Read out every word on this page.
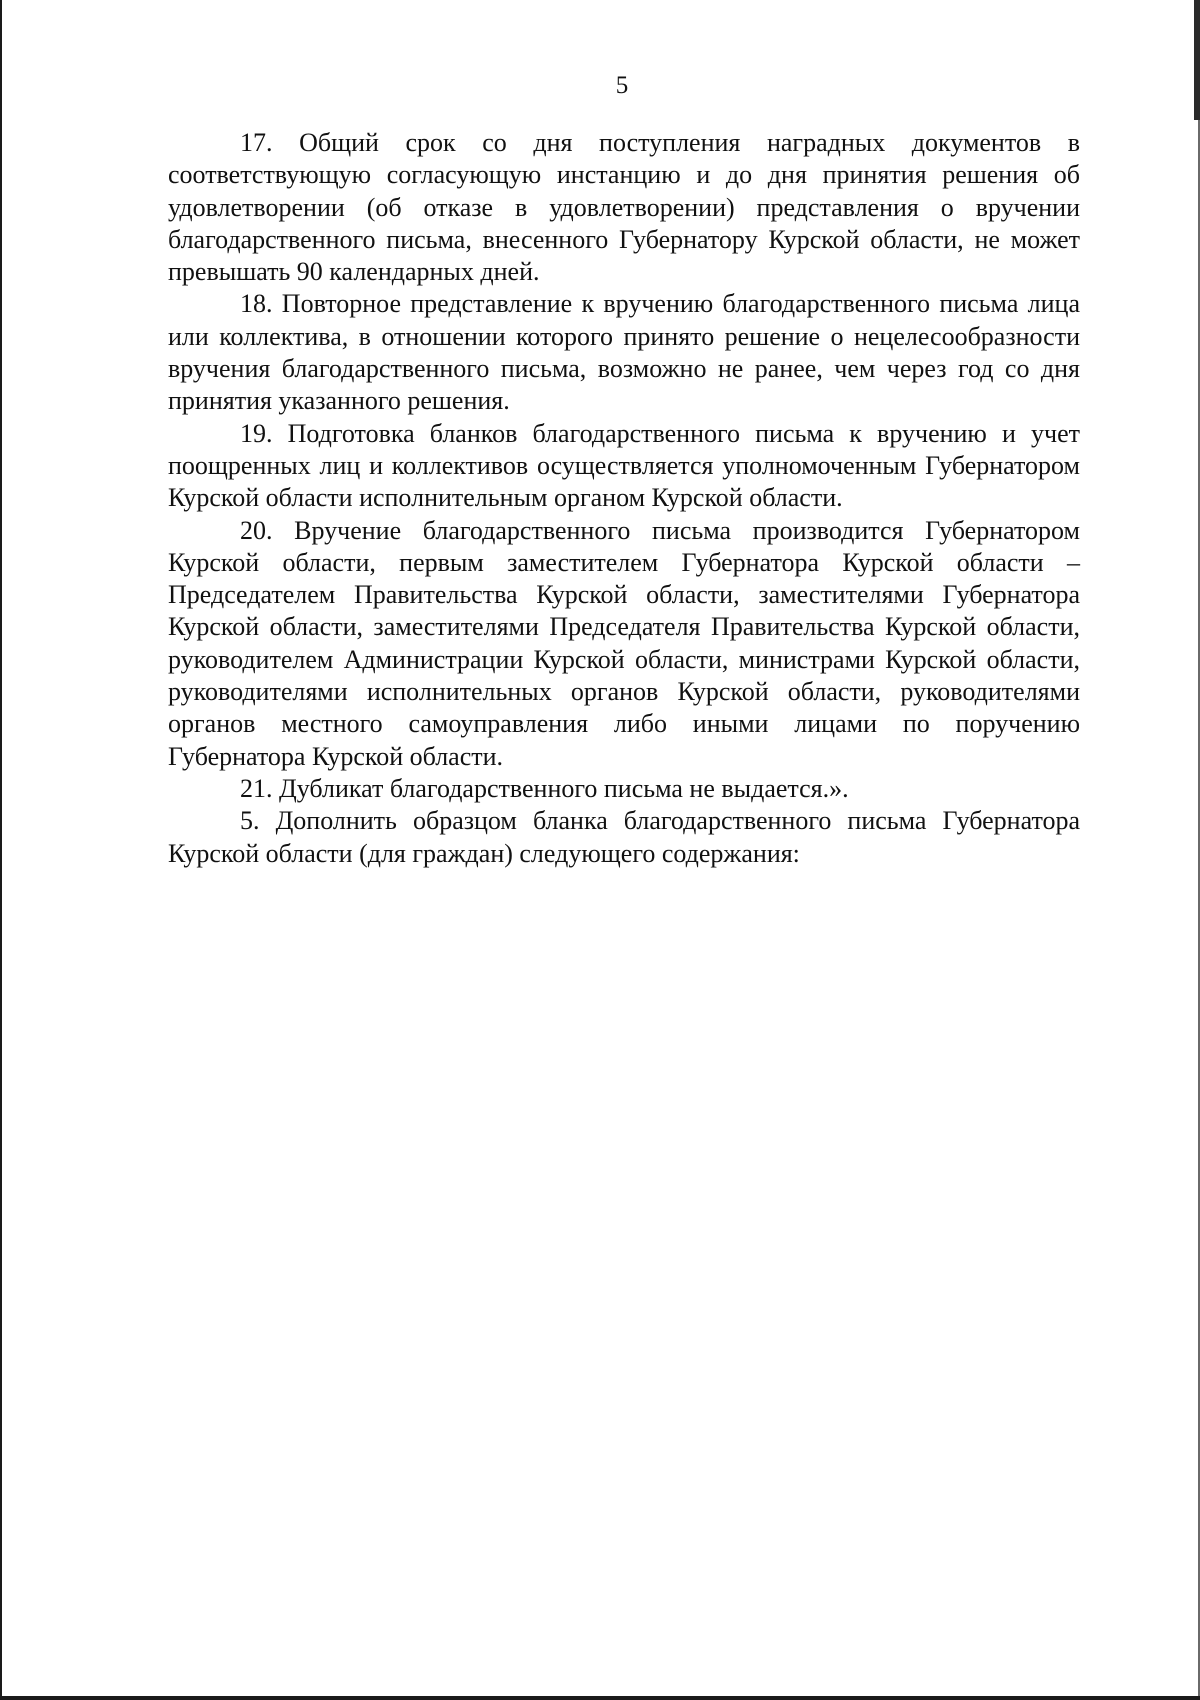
5

17. Общий срок со дня поступления наградных документов в соответствующую согласующую инстанцию и до дня принятия решения об удовлетворении (об отказе в удовлетворении) представления о вручении благодарственного письма, внесенного Губернатору Курской области, не может превышать 90 календарных дней.

18. Повторное представление к вручению благодарственного письма лица или коллектива, в отношении которого принято решение о нецелесообразности вручения благодарственного письма, возможно не ранее, чем через год со дня принятия указанного решения.

19. Подготовка бланков благодарственного письма к вручению и учет поощренных лиц и коллективов осуществляется уполномоченным Губернатором Курской области исполнительным органом Курской области.

20. Вручение благодарственного письма производится Губернатором Курской области, первым заместителем Губернатора Курской области – Председателем Правительства Курской области, заместителями Губернатора Курской области, заместителями Председателя Правительства Курской области, руководителем Администрации Курской области, министрами Курской области, руководителями исполнительных органов Курской области, руководителями органов местного самоуправления либо иными лицами по поручению Губернатора Курской области.

21. Дубликат благодарственного письма не выдается.».

5. Дополнить образцом бланка благодарственного письма Губернатора Курской области (для граждан) следующего содержания:
